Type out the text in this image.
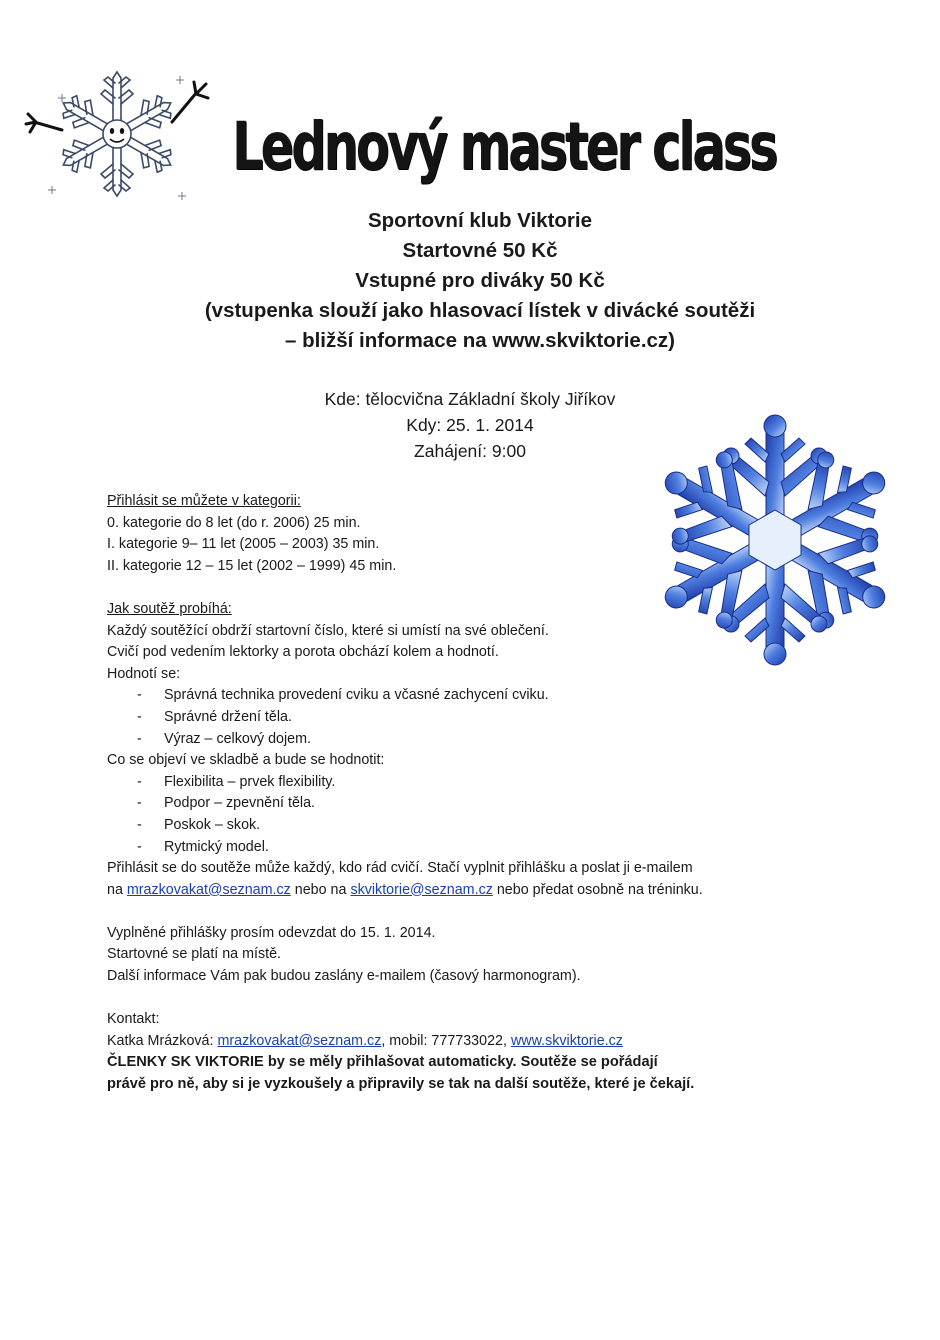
Lednový master class
Sportovní klub Viktorie
Startovné 50 Kč
Vstupné pro diváky 50 Kč
(vstupenka slouží jako hlasovací lístek v divácké soutěži
– bližší informace na www.skviktorie.cz)
Kde: tělocvična Základní školy Jiříkov
Kdy: 25. 1. 2014
Zahájení: 9:00
Přihlásit se můžete v kategorii:
0. kategorie do 8 let (do r. 2006) 25 min.
I. kategorie 9– 11 let (2005 – 2003) 35 min.
II. kategorie 12 – 15 let (2002 – 1999) 45 min.
Jak soutěž probíhá:
Každý soutěžící obdrží startovní číslo, které si umístí na své oblečení.
Cvičí pod vedením lektorky a porota obchází kolem a hodnotí.
Hodnotí se:
- Správná technika provedení cviku a včasné zachycení cviku.
- Správné držení těla.
- Výraz – celkový dojem.
Co se objeví ve skladbě a bude se hodnotit:
- Flexibilita – prvek flexibility.
- Podpor – zpevnění těla.
- Poskok – skok.
- Rytmický model.
Přihlásit se do soutěže může každý, kdo rád cvičí. Stačí vyplnit přihlášku a poslat ji e-mailem
na mrazkovakat@seznam.cz nebo na skviktorie@seznam.cz nebo předat osobně na tréninku.
Vyplněné přihlášky prosím odevzdat do 15. 1. 2014.
Startovné se platí na místě.
Další informace Vám pak budou zaslány e-mailem (časový harmonogram).
Kontakt:
Katka Mrázková: mrazkovakat@seznam.cz, mobil: 777733022, www.skviktorie.cz
ČLENKY SK VIKTORIE by se měly přihlašovat automaticky. Soutěže se pořádají
právě pro ně, aby si je vyzkoušely a připravily se tak na další soutěže, které je čekají.
